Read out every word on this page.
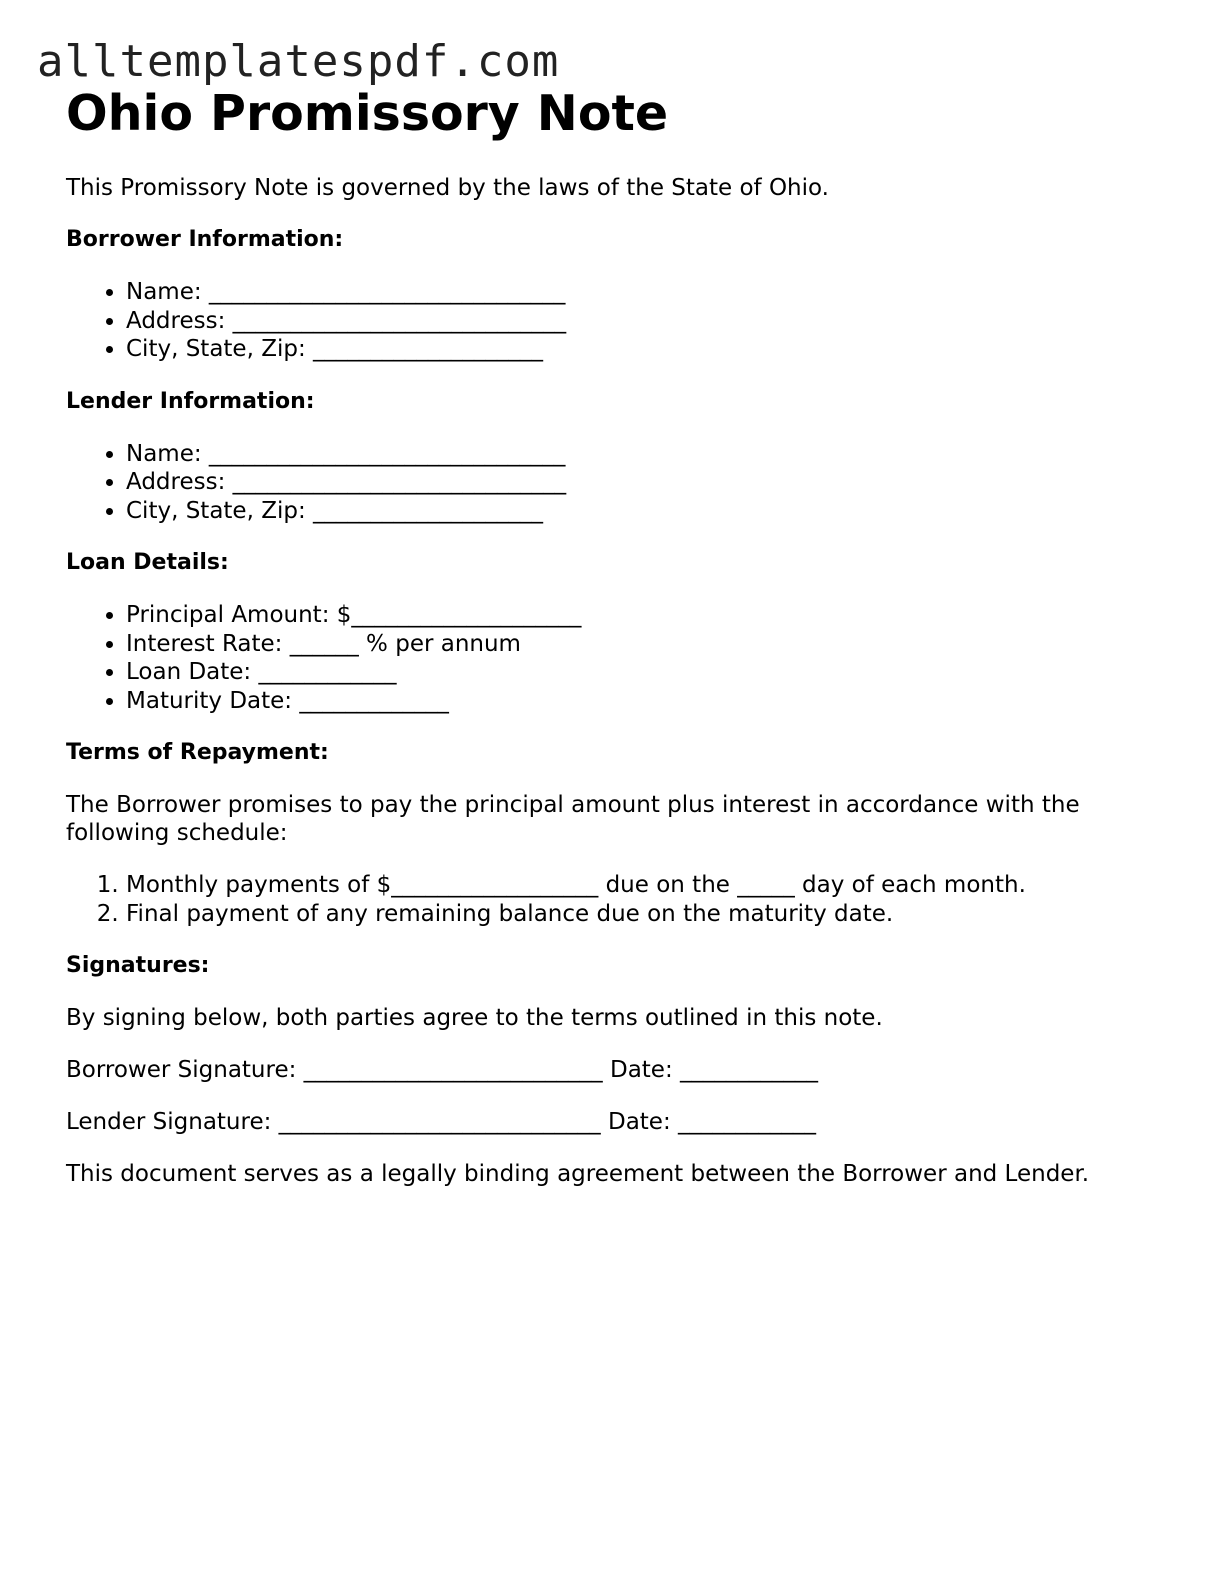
alltemplatespdf.com
Ohio Promissory Note

This Promissory Note is governed by the laws of the State of Ohio.

Borrower Information:

• Name: _______________________________
• Address: _____________________________
• City, State, Zip: ____________________

Lender Information:

• Name: _______________________________
• Address: _____________________________
• City, State, Zip: ____________________

Loan Details:

• Principal Amount: $____________________
• Interest Rate: ______ % per annum
• Loan Date: ____________
• Maturity Date: _____________

Terms of Repayment:

The Borrower promises to pay the principal amount plus interest in accordance with the following schedule:

1. Monthly payments of $__________________ due on the _____ day of each month.
2. Final payment of any remaining balance due on the maturity date.

Signatures:

By signing below, both parties agree to the terms outlined in this note.

Borrower Signature: __________________________ Date: ____________

Lender Signature: ____________________________ Date: ____________

This document serves as a legally binding agreement between the Borrower and Lender.
